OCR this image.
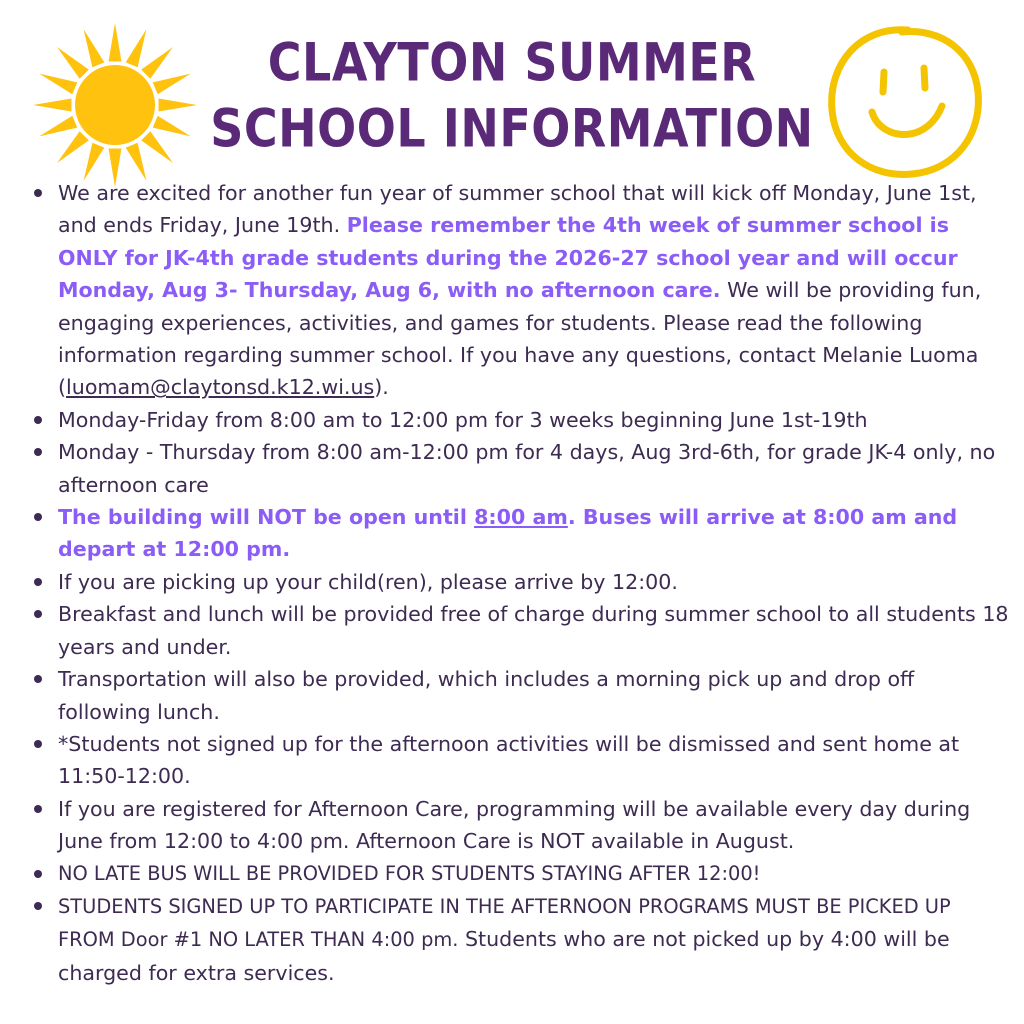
CLAYTON SUMMER
SCHOOL INFORMATION
We are excited for another fun year of summer school that will kick off Monday, June 1st, and ends Friday, June 19th. Please remember the 4th week of summer school is ONLY for JK-4th grade students during the 2026-27 school year and will occur Monday, Aug 3- Thursday, Aug 6, with no afternoon care. We will be providing fun, engaging experiences, activities, and games for students. Please read the following information regarding summer school. If you have any questions, contact Melanie Luoma (luomam@claytonsd.k12.wi.us).
Monday-Friday from 8:00 am to 12:00 pm for 3 weeks beginning June 1st-19th
Monday - Thursday from 8:00 am-12:00 pm for 4 days, Aug 3rd-6th, for grade JK-4 only, no afternoon care
The building will NOT be open until 8:00 am. Buses will arrive at 8:00 am and depart at 12:00 pm.
If you are picking up your child(ren), please arrive by 12:00.
Breakfast and lunch will be provided free of charge during summer school to all students 18 years and under.
Transportation will also be provided, which includes a morning pick up and drop off following lunch.
*Students not signed up for the afternoon activities will be dismissed and sent home at 11:50-12:00.
If you are registered for Afternoon Care, programming will be available every day during June from 12:00 to 4:00 pm. Afternoon Care is NOT available in August.
NO LATE BUS WILL BE PROVIDED FOR STUDENTS STAYING AFTER 12:00!
STUDENTS SIGNED UP TO PARTICIPATE IN THE AFTERNOON PROGRAMS MUST BE PICKED UP FROM Door #1 NO LATER THAN 4:00 pm. Students who are not picked up by 4:00 will be charged for extra services.
